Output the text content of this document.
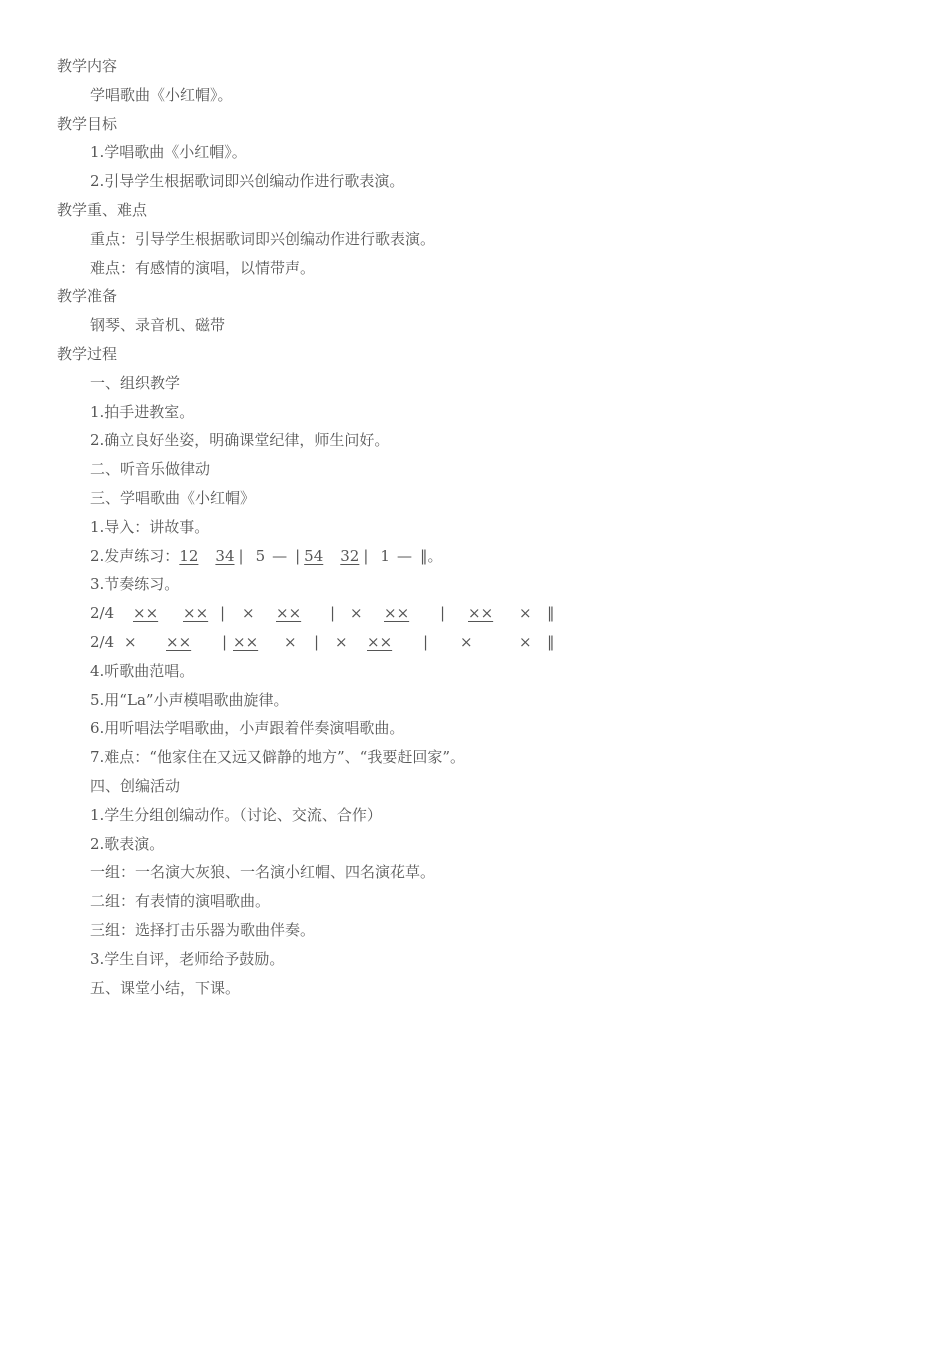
教学内容
学唱歌曲《小红帽》。
教学目标
1.学唱歌曲《小红帽》。
2.引导学生根据歌词即兴创编动作进行歌表演。
教学重、难点
重点：引导学生根据歌词即兴创编动作进行歌表演。
难点：有感情的演唱，以情带声。
教学准备
钢琴、录音机、磁带
教学过程
一、组织教学
1.拍手进教室。
2.确立良好坐姿，明确课堂纪律，师生问好。
二、听音乐做律动
三、学唱歌曲《小红帽》
1.导入：讲故事。
2.发声练习：12 34 | 5 — | 54 32 | 1 — ‖。
3.节奏练习。
2/4 ×× ×× | × ×× | × ×× | ×× × ‖
2/4 × ×× | ×× × | × ×× | ×	× ‖
4.听歌曲范唱。
5.用“La”小声模唱歌曲旋律。
6.用听唱法学唱歌曲，小声跟着伴奏演唱歌曲。
7.难点：“他家住在又远又僻静的地方”、“我要赶回家”。
四、创编活动
1.学生分组创编动作。（讨论、交流、合作）
2.歌表演。
一组：一名演大灰狼、一名演小红帽、四名演花草。
二组：有表情的演唱歌曲。
三组：选择打击乐器为歌曲伴奏。
3.学生自评，老师给予鼓励。
五、课堂小结，下课。
